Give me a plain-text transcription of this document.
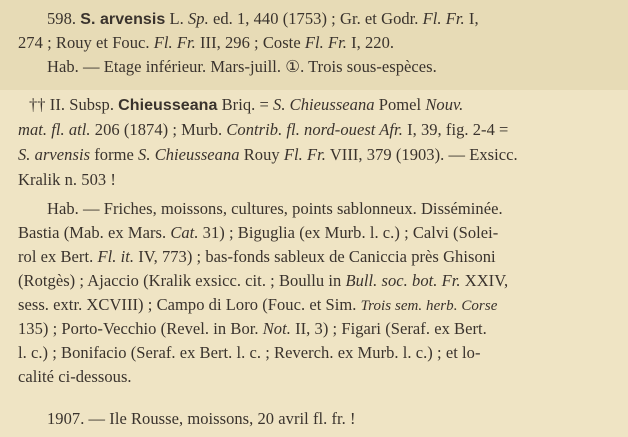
598. S. arvensis L. Sp. ed. 1, 440 (1753) ; Gr. et Godr. Fl. Fr. I,
274 ; Rouy et Fouc. Fl. Fr. III, 296 ; Coste Fl. Fr. I, 220.
Hab. — Etage inférieur. Mars-juill. ①. Trois sous-espèces.
†† II. Subsp. Chieusseana Briq. = S. Chieusseana Pomel Nouv.
mat. fl. atl. 206 (1874) ; Murb. Contrib. fl. nord-ouest Afr. I, 39, fig. 2-4 =
S. arvensis forme S. Chieusseana Rouy Fl. Fr. VIII, 379 (1903). — Exsicc.
Kralik n. 503 !
Hab. — Friches, moissons, cultures, points sablonneux. Disséminée.
Bastia (Mab. ex Mars. Cat. 31) ; Biguglia (ex Murb. l. c.) ; Calvi (Solei-
rol ex Bert. Fl. it. IV, 773) ; bas-fonds sableux de Caniccia près Ghisoni
(Rotgès) ; Ajaccio (Kralik exsicc. cit. ; Boullu in Bull. soc. bot. Fr. XXIV,
sess. extr. XCVIII) ; Campo di Loro (Fouc. et Sim. Trois sem. herb. Corse
135) ; Porto-Vecchio (Revel. in Bor. Not. II, 3) ; Figari (Seraf. ex Bert.
l. c.) ; Bonifacio (Seraf. ex Bert. l. c. ; Reverch. ex Murb. l. c.) ; et lo-
calité ci-dessous.
1907. — Ile Rousse, moissons, 20 avril fl. fr. !
